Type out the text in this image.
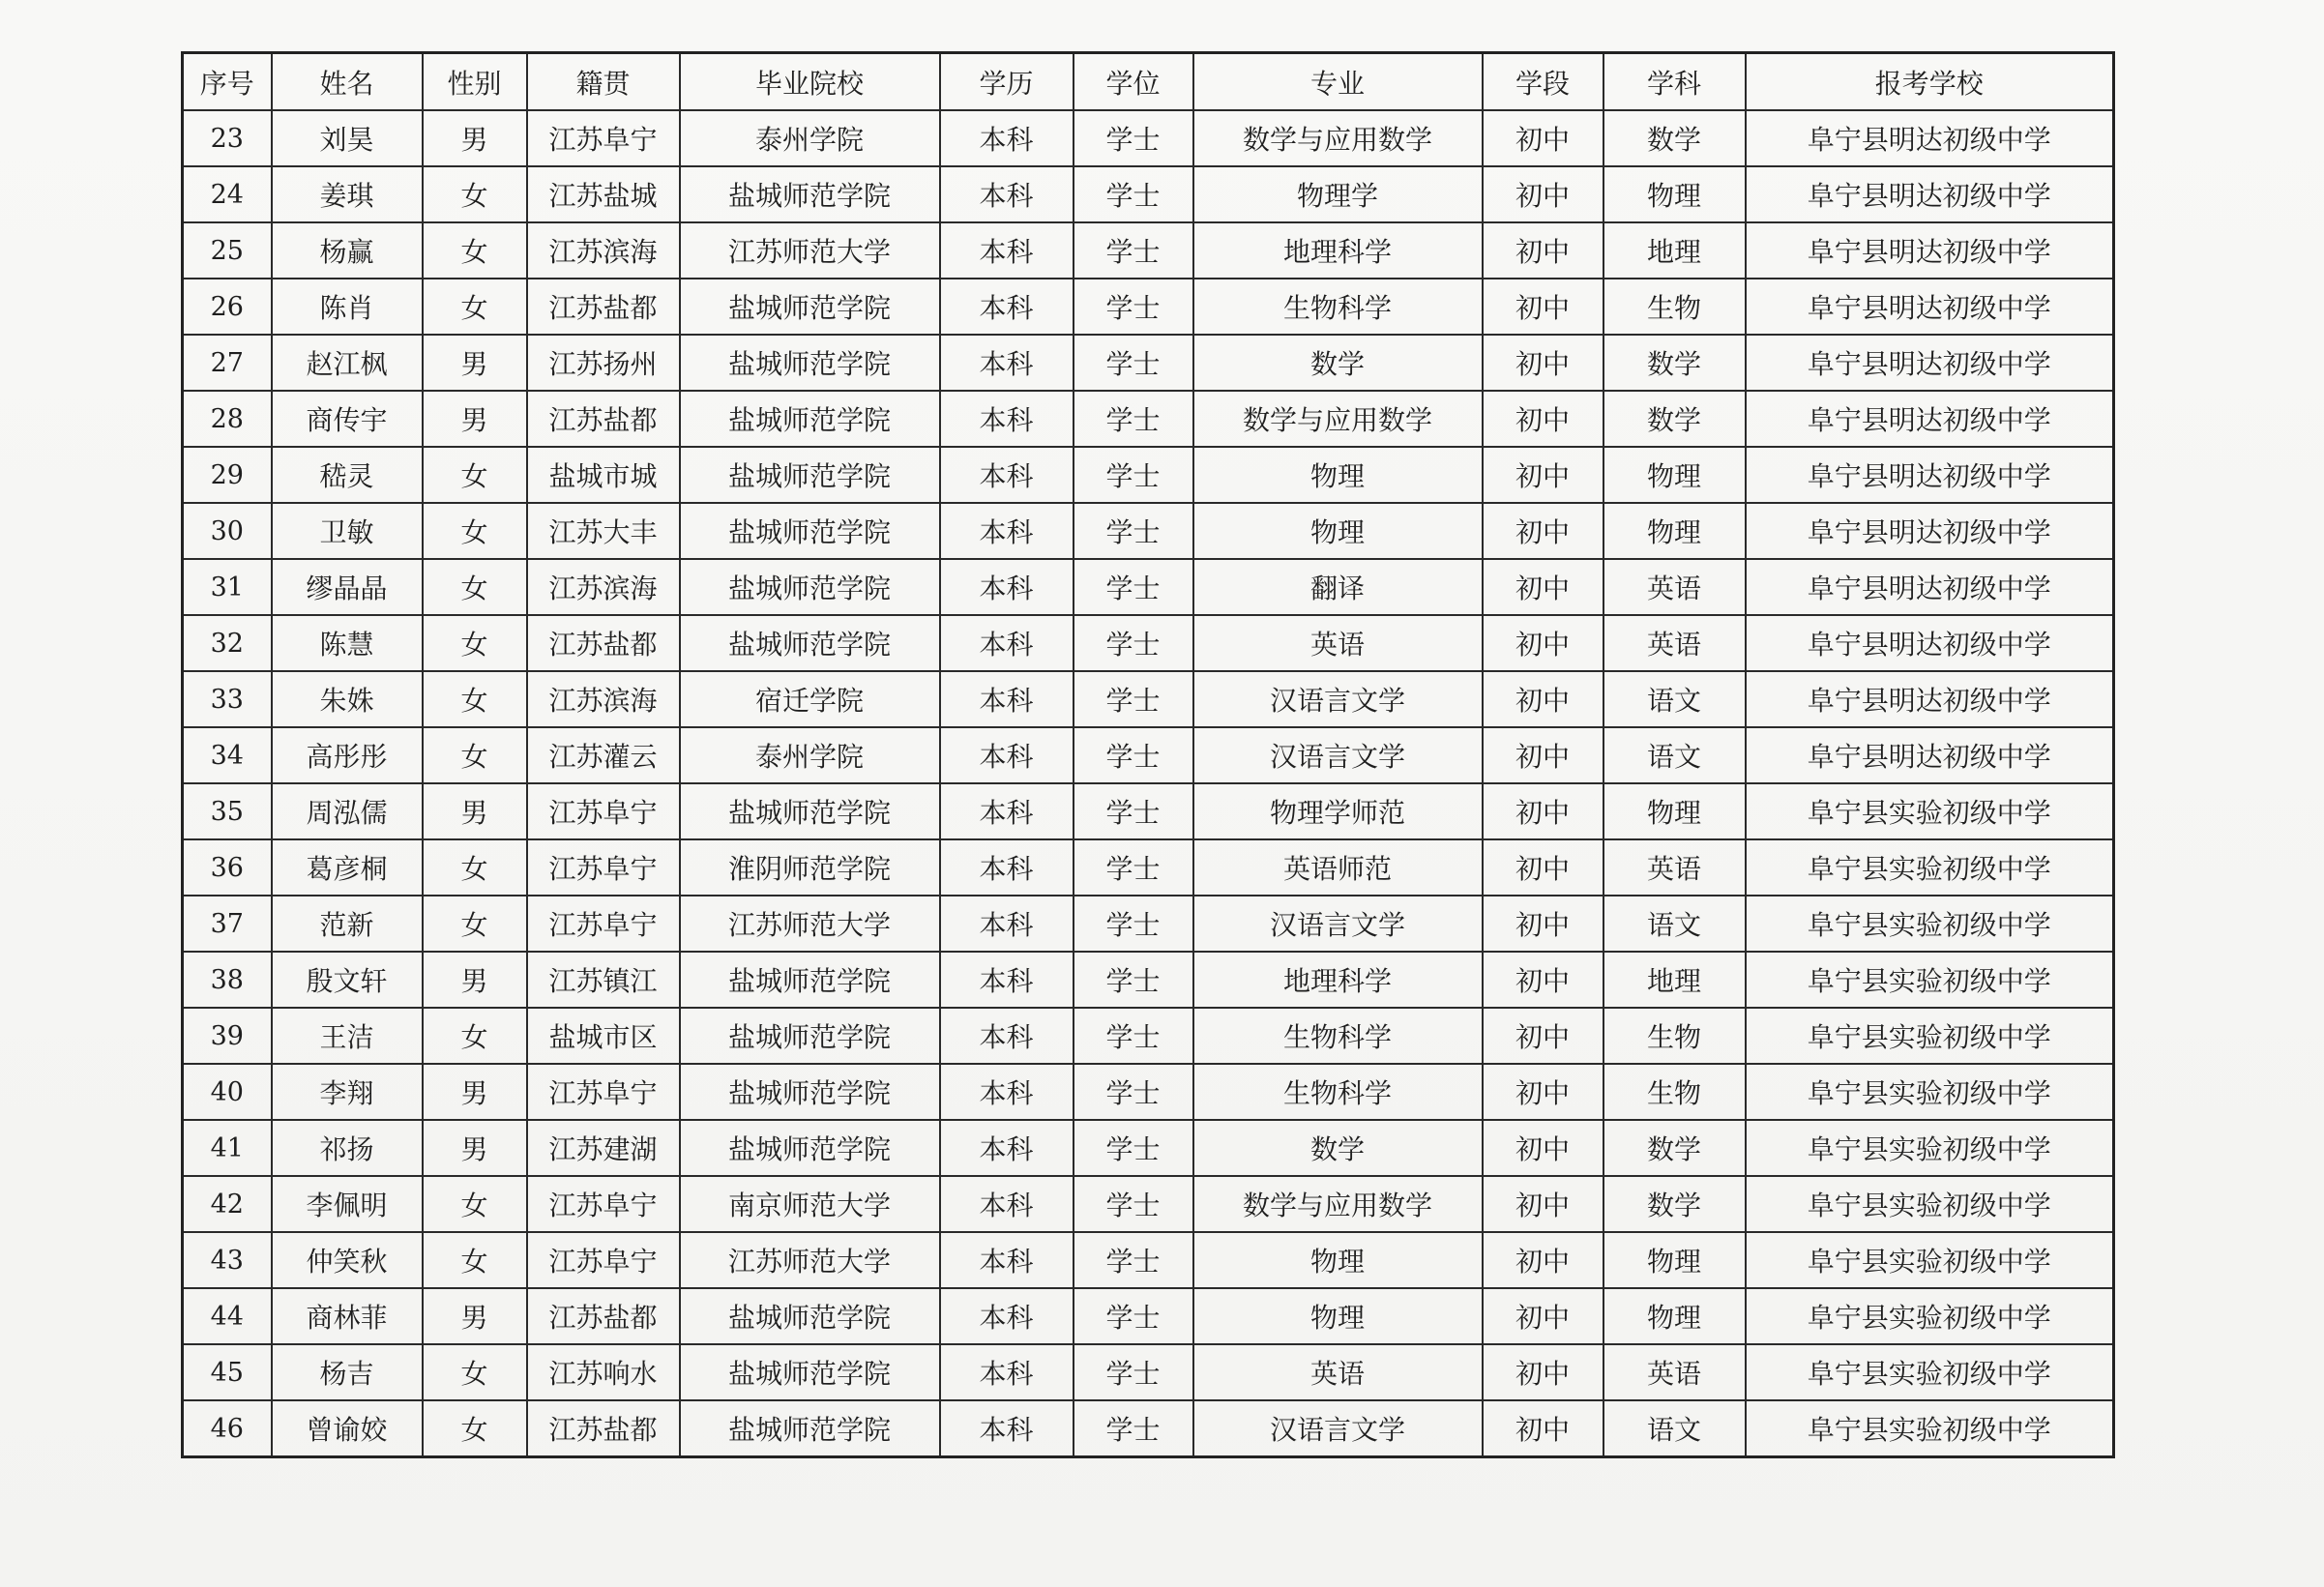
序号	姓名	性别	籍贯	毕业院校	学历	学位	专业	学段	学科	报考学校
23	刘昊	男	江苏阜宁	泰州学院	本科	学士	数学与应用数学	初中	数学	阜宁县明达初级中学
24	姜琪	女	江苏盐城	盐城师范学院	本科	学士	物理学	初中	物理	阜宁县明达初级中学
25	杨赢	女	江苏滨海	江苏师范大学	本科	学士	地理科学	初中	地理	阜宁县明达初级中学
26	陈肖	女	江苏盐都	盐城师范学院	本科	学士	生物科学	初中	生物	阜宁县明达初级中学
27	赵江枫	男	江苏扬州	盐城师范学院	本科	学士	数学	初中	数学	阜宁县明达初级中学
28	商传宇	男	江苏盐都	盐城师范学院	本科	学士	数学与应用数学	初中	数学	阜宁县明达初级中学
29	嵇灵	女	盐城市城	盐城师范学院	本科	学士	物理	初中	物理	阜宁县明达初级中学
30	卫敏	女	江苏大丰	盐城师范学院	本科	学士	物理	初中	物理	阜宁县明达初级中学
31	缪晶晶	女	江苏滨海	盐城师范学院	本科	学士	翻译	初中	英语	阜宁县明达初级中学
32	陈慧	女	江苏盐都	盐城师范学院	本科	学士	英语	初中	英语	阜宁县明达初级中学
33	朱姝	女	江苏滨海	宿迁学院	本科	学士	汉语言文学	初中	语文	阜宁县明达初级中学
34	高彤彤	女	江苏灌云	泰州学院	本科	学士	汉语言文学	初中	语文	阜宁县明达初级中学
35	周泓儒	男	江苏阜宁	盐城师范学院	本科	学士	物理学师范	初中	物理	阜宁县实验初级中学
36	葛彦桐	女	江苏阜宁	淮阴师范学院	本科	学士	英语师范	初中	英语	阜宁县实验初级中学
37	范新	女	江苏阜宁	江苏师范大学	本科	学士	汉语言文学	初中	语文	阜宁县实验初级中学
38	殷文轩	男	江苏镇江	盐城师范学院	本科	学士	地理科学	初中	地理	阜宁县实验初级中学
39	王洁	女	盐城市区	盐城师范学院	本科	学士	生物科学	初中	生物	阜宁县实验初级中学
40	李翔	男	江苏阜宁	盐城师范学院	本科	学士	生物科学	初中	生物	阜宁县实验初级中学
41	祁扬	男	江苏建湖	盐城师范学院	本科	学士	数学	初中	数学	阜宁县实验初级中学
42	李佩明	女	江苏阜宁	南京师范大学	本科	学士	数学与应用数学	初中	数学	阜宁县实验初级中学
43	仲笑秋	女	江苏阜宁	江苏师范大学	本科	学士	物理	初中	物理	阜宁县实验初级中学
44	商林菲	男	江苏盐都	盐城师范学院	本科	学士	物理	初中	物理	阜宁县实验初级中学
45	杨吉	女	江苏响水	盐城师范学院	本科	学士	英语	初中	英语	阜宁县实验初级中学
46	曾谕姣	女	江苏盐都	盐城师范学院	本科	学士	汉语言文学	初中	语文	阜宁县实验初级中学
